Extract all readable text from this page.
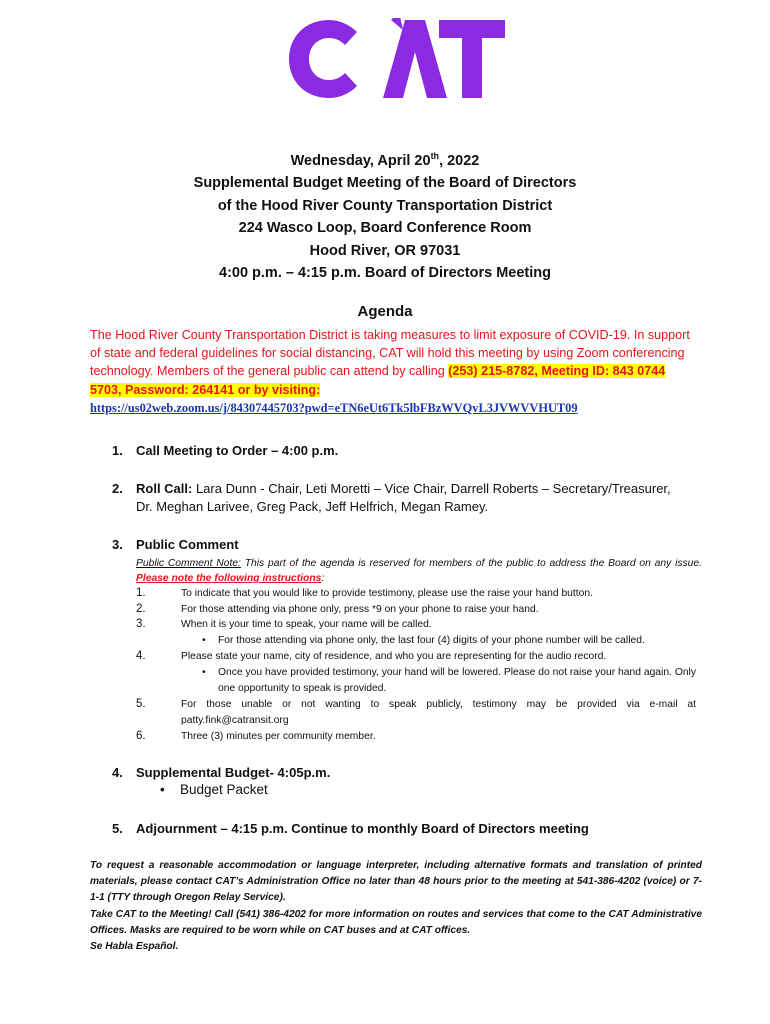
CAT
Wednesday, April 20th, 2022
Supplemental Budget Meeting of the Board of Directors
of the Hood River County Transportation District
224 Wasco Loop, Board Conference Room
Hood River, OR 97031
4:00 p.m. – 4:15 p.m. Board of Directors Meeting
Agenda
The Hood River County Transportation District is taking measures to limit exposure of COVID-19. In support of state and federal guidelines for social distancing, CAT will hold this meeting by using Zoom conferencing technology. Members of the general public can attend by calling (253) 215-8782, Meeting ID: 843 0744 5703, Password: 264141 or by visiting:
https://us02web.zoom.us/j/84307445703?pwd=eTN6eUt6Tk5lbFBzWVQvL3JVWVVHUT09
1. Call Meeting to Order – 4:00 p.m.
2. Roll Call: Lara Dunn - Chair, Leti Moretti – Vice Chair, Darrell Roberts – Secretary/Treasurer,
Dr. Meghan Larivee, Greg Pack, Jeff Helfrich, Megan Ramey.
3. Public Comment
Public Comment Note: This part of the agenda is reserved for members of the public to address the Board on any issue. Please note the following instructions:
1.	To indicate that you would like to provide testimony, please use the raise your hand button.
2.	For those attending via phone only, press *9 on your phone to raise your hand.
3.	When it is your time to speak, your name will be called.
• For those attending via phone only, the last four (4) digits of your phone number will be called.
4.	Please state your name, city of residence, and who you are representing for the audio record.
• Once you have provided testimony, your hand will be lowered. Please do not raise your hand again. Only one opportunity to speak is provided.
5.	For those unable or not wanting to speak publicly, testimony may be provided via e-mail at patty.fink@catransit.org
6.	Three (3) minutes per community member.
4. Supplemental Budget- 4:05p.m.
• Budget Packet
5. Adjournment – 4:15 p.m. Continue to monthly Board of Directors meeting

To request a reasonable accommodation or language interpreter, including alternative formats and translation of printed materials, please contact CAT’s Administration Office no later than 48 hours prior to the meeting at 541-386-4202 (voice) or 7-1-1 (TTY through Oregon Relay Service).

Take CAT to the Meeting! Call (541) 386-4202 for more information on routes and services that come to the CAT Administrative Offices. Masks are required to be worn while on CAT buses and at CAT offices.

Se Habla Español.
